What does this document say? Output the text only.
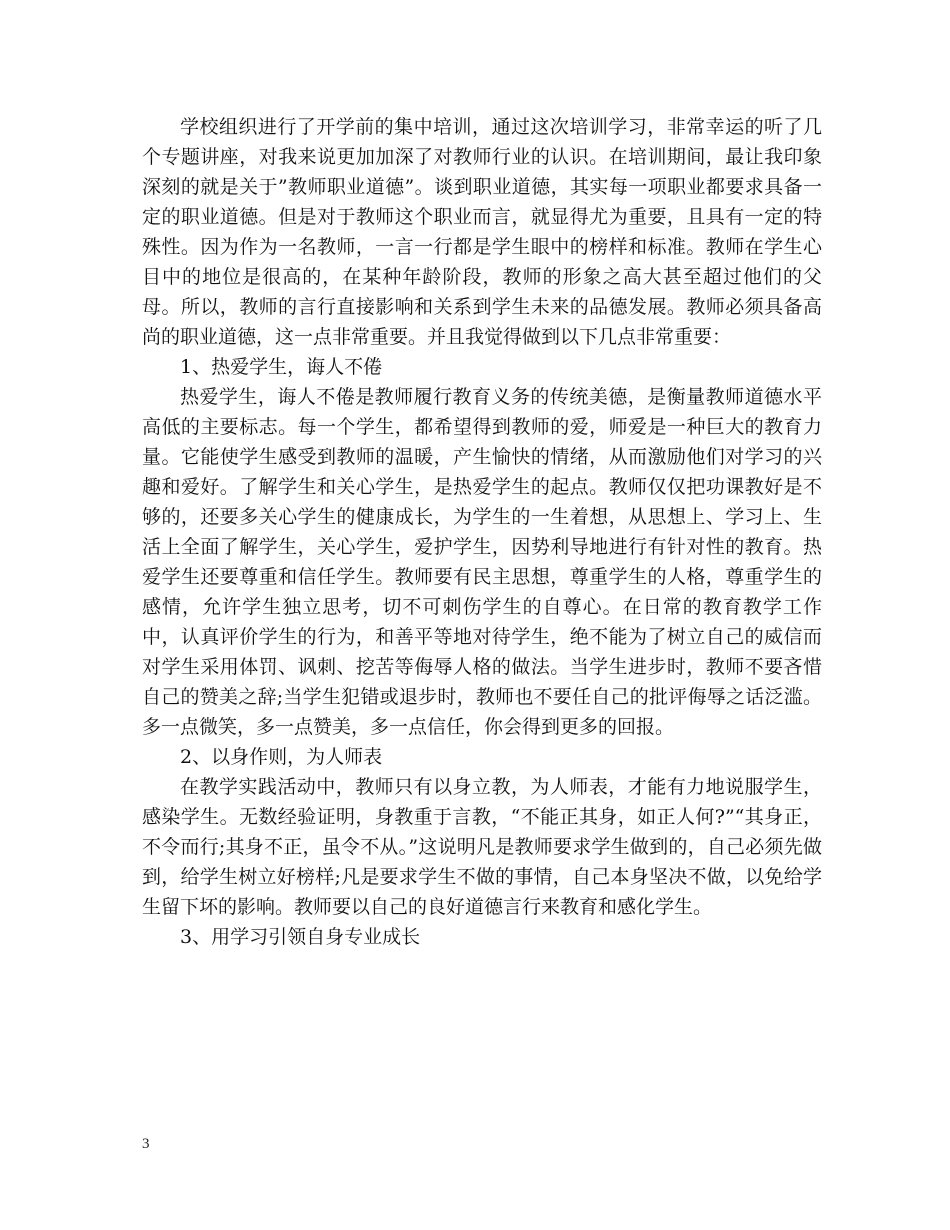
学校组织进行了开学前的集中培训，通过这次培训学习，非常幸运的听了几个专题讲座，对我来说更加加深了对教师行业的认识。在培训期间，最让我印象深刻的就是关于”教师职业道德”。谈到职业道德，其实每一项职业都要求具备一定的职业道德。但是对于教师这个职业而言，就显得尤为重要，且具有一定的特殊性。因为作为一名教师，一言一行都是学生眼中的榜样和标准。教师在学生心目中的地位是很高的，在某种年龄阶段，教师的形象之高大甚至超过他们的父母。所以，教师的言行直接影响和关系到学生未来的品德发展。教师必须具备高尚的职业道德，这一点非常重要。并且我觉得做到以下几点非常重要：

1、热爱学生，诲人不倦

热爱学生，诲人不倦是教师履行教育义务的传统美德，是衡量教师道德水平高低的主要标志。每一个学生，都希望得到教师的爱，师爱是一种巨大的教育力量。它能使学生感受到教师的温暖，产生愉快的情绪，从而激励他们对学习的兴趣和爱好。了解学生和关心学生，是热爱学生的起点。教师仅仅把功课教好是不够的，还要多关心学生的健康成长，为学生的一生着想，从思想上、学习上、生活上全面了解学生，关心学生，爱护学生，因势利导地进行有针对性的教育。热爱学生还要尊重和信任学生。教师要有民主思想，尊重学生的人格，尊重学生的感情，允许学生独立思考，切不可刺伤学生的自尊心。在日常的教育教学工作中，认真评价学生的行为，和善平等地对待学生，绝不能为了树立自己的威信而对学生采用体罚、讽刺、挖苦等侮辱人格的做法。当学生进步时，教师不要吝惜自己的赞美之辞;当学生犯错或退步时，教师也不要任自己的批评侮辱之话泛滥。多一点微笑，多一点赞美，多一点信任，你会得到更多的回报。

2、以身作则，为人师表

在教学实践活动中，教师只有以身立教，为人师表，才能有力地说服学生，感染学生。无数经验证明，身教重于言教，“不能正其身，如正人何?”“其身正，不令而行;其身不正，虽令不从。”这说明凡是教师要求学生做到的，自己必须先做到，给学生树立好榜样;凡是要求学生不做的事情，自己本身坚决不做，以免给学生留下坏的影响。教师要以自己的良好道德言行来教育和感化学生。

3、用学习引领自身专业成长

3
